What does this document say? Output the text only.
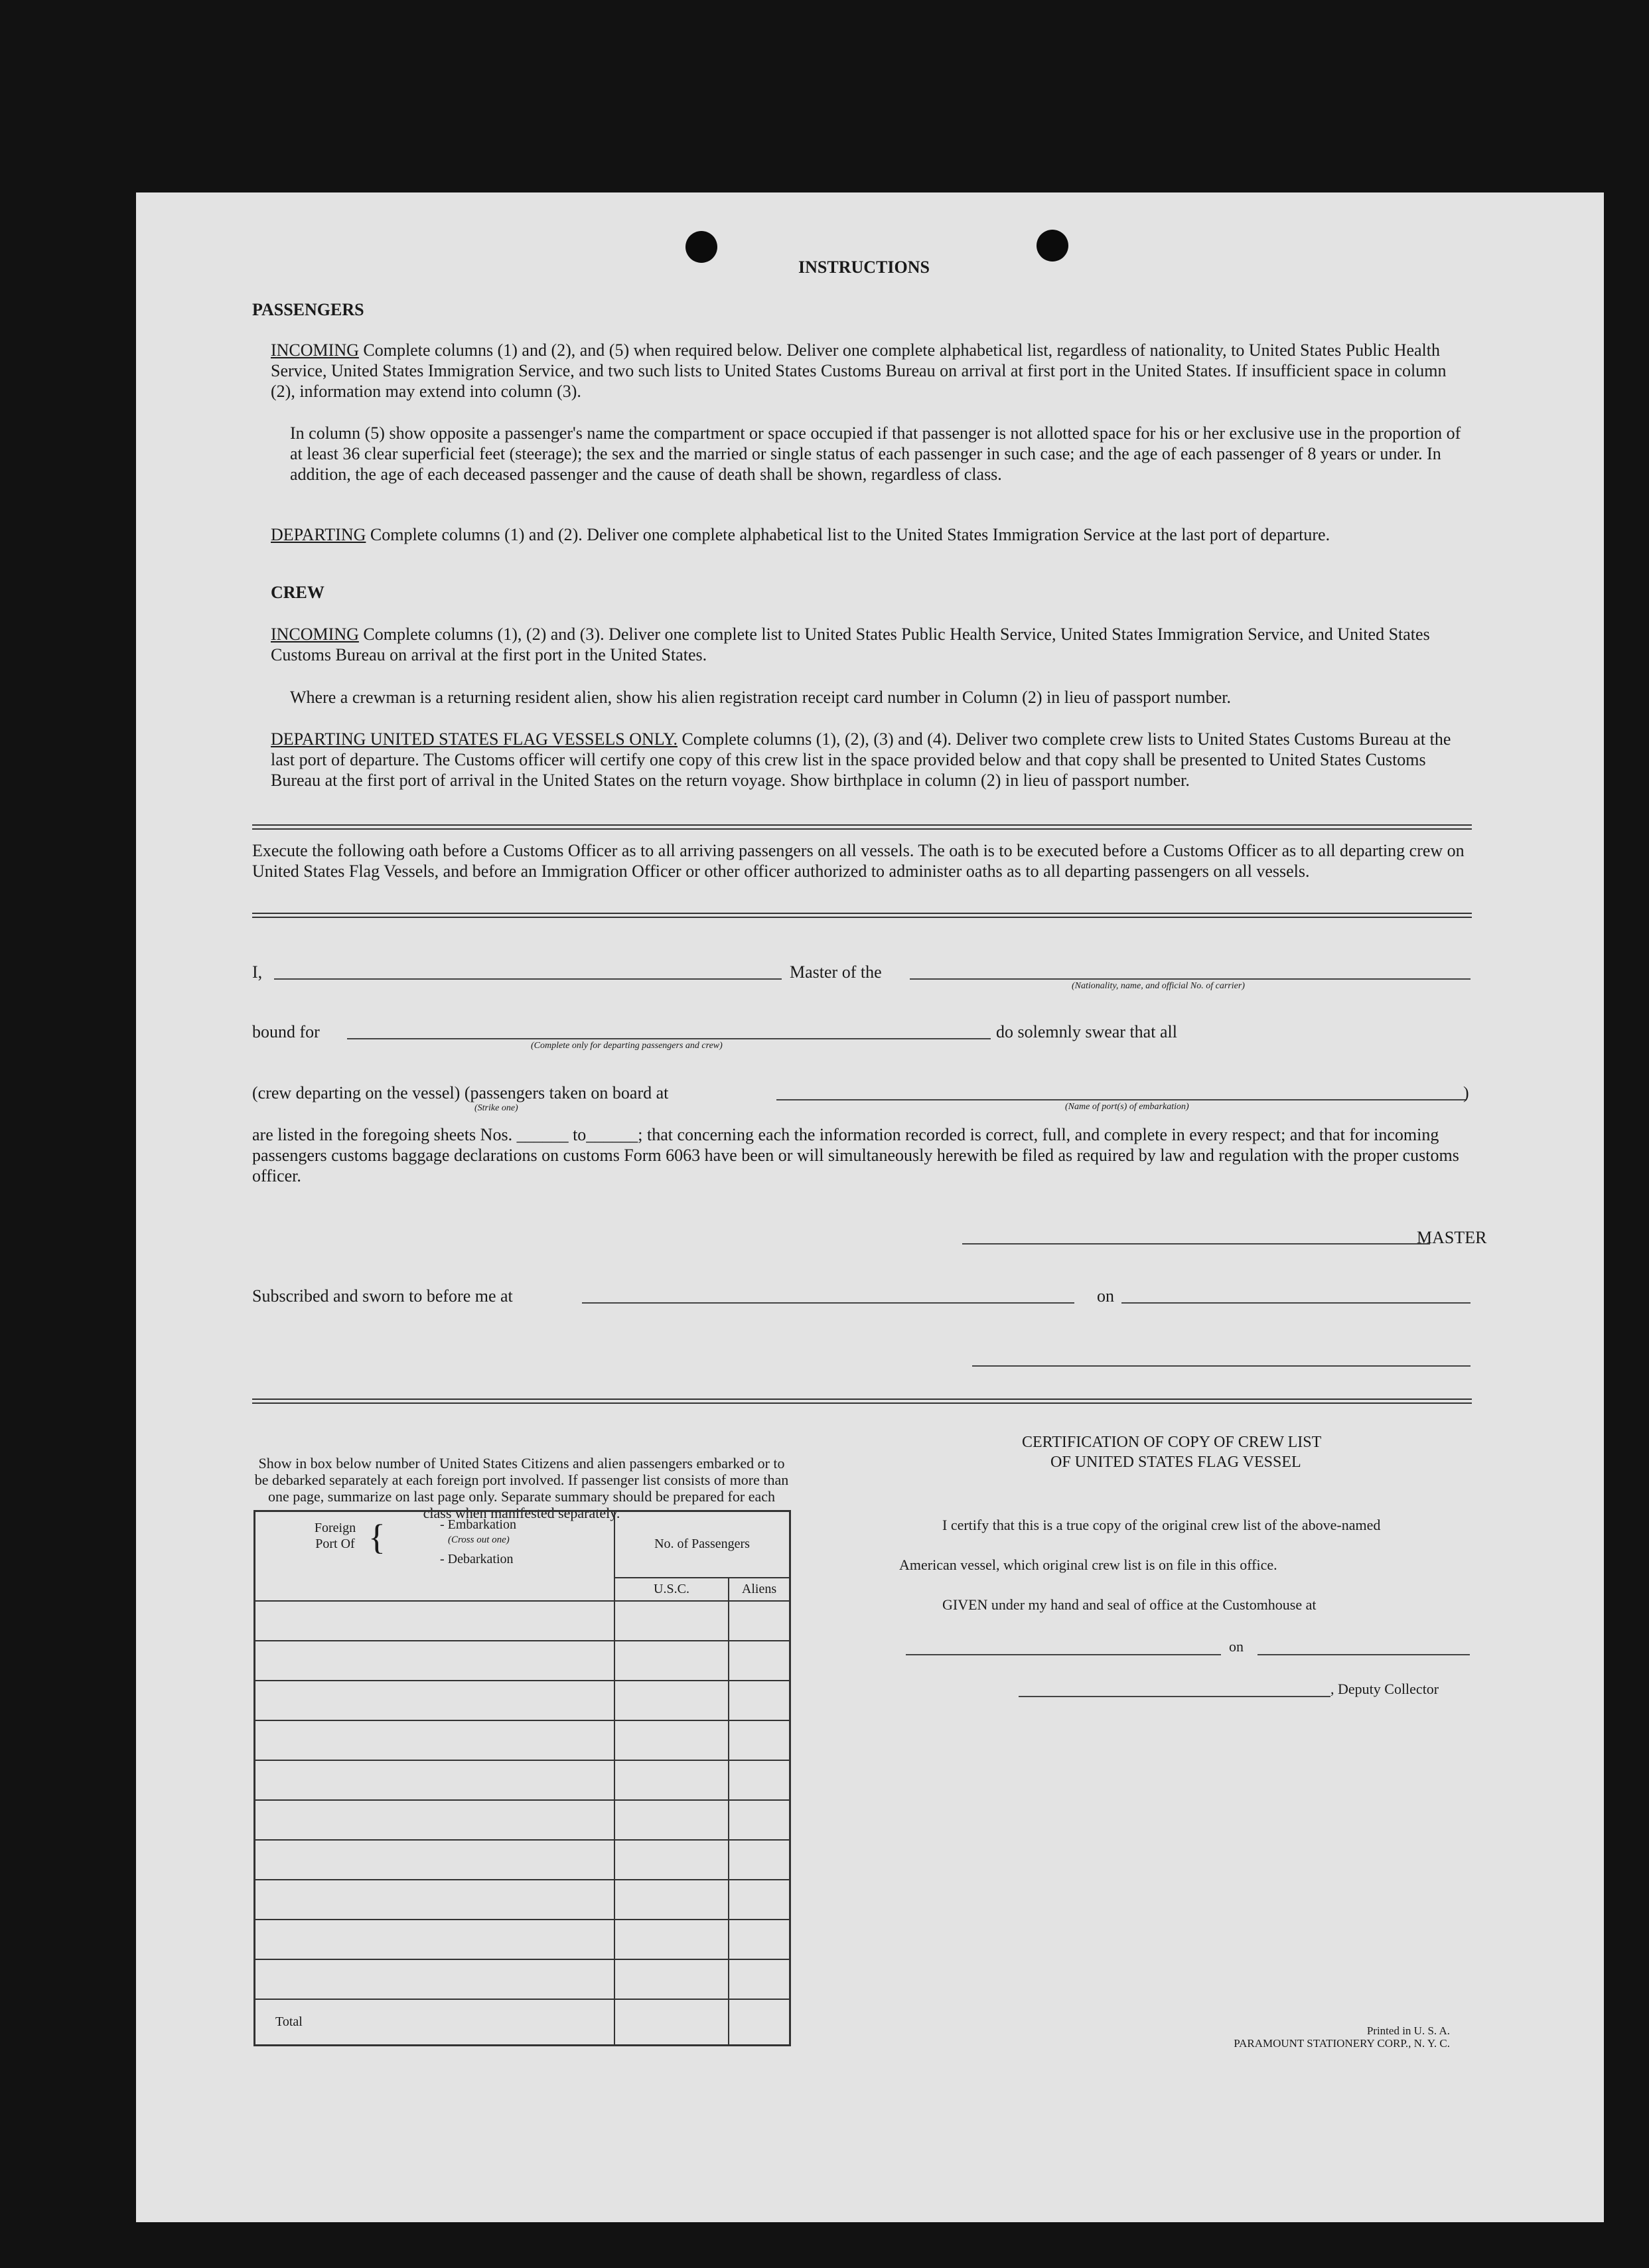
INSTRUCTIONS
PASSENGERS

INCOMING Complete columns (1) and (2), and (5) when required below. Deliver one complete alphabetical list, regardless of nationality, to United States Public Health Service, United States Immigration Service, and two such lists to United States Customs Bureau on arrival at first port in the United States. If insufficient space in column (2), information may extend into column (3).

In column (5) show opposite a passenger's name the compartment or space occupied if that passenger is not allotted space for his or her exclusive use in the proportion of at least 36 clear superficial feet (steerage); the sex and the married or single status of each passenger in such case; and the age of each passenger of 8 years or under. In addition, the age of each deceased passenger and the cause of death shall be shown, regardless of class.

DEPARTING Complete columns (1) and (2). Deliver one complete alphabetical list to the United States Immigration Service at the last port of departure.

CREW

INCOMING Complete columns (1), (2) and (3). Deliver one complete list to United States Public Health Service, United States Immigration Service, and United States Customs Bureau on arrival at the first port in the United States.

Where a crewman is a returning resident alien, show his alien registration receipt card number in Column (2) in lieu of passport number.

DEPARTING UNITED STATES FLAG VESSELS ONLY. Complete columns (1), (2), (3) and (4). Deliver two complete crew lists to United States Customs Bureau at the last port of departure. The Customs officer will certify one copy of this crew list in the space provided below and that copy shall be presented to United States Customs Bureau at the first port of arrival in the United States on the return voyage. Show birthplace in column (2) in lieu of passport number.

Execute the following oath before a Customs Officer as to all arriving passengers on all vessels. The oath is to be executed before a Customs Officer as to all departing crew on United States Flag Vessels, and before an Immigration Officer or other officer authorized to administer oaths as to all departing passengers on all vessels.

I,	Master of the
(Nationality, name, and official No. of carrier)
bound for
(Complete only for departing passengers and crew)
do solemnly swear that all
(crew departing on the vessel) (passengers taken on board at
(Strike one)	(Name of port(s) of embarkation)
)

are listed in the foregoing sheets Nos. ______ to______; that concerning each the information recorded is correct, full, and complete in every respect; and that for incoming passengers customs baggage declarations on customs Form 6063 have been or will simultaneously herewith be filed as required by law and regulation with the proper customs officer.

MASTER
Subscribed and sworn to before me at	on

Show in box below number of United States Citizens and alien passengers embarked or to be debarked separately at each foreign port involved. If passenger list consists of more than one page, summarize on last page only. Separate summary should be prepared for each class when manifested separately.

Foreign Port Of { - Embarkation
(Cross out one)
- Debarkation	No. of Passengers	
	U.S.C.	Aliens

Total		
CERTIFICATION OF COPY OF CREW LIST
OF UNITED STATES FLAG VESSEL
I certify that this is a true copy of the original crew list of the above-named
American vessel, which original crew list is on file in this office.
GIVEN under my hand and seal of office at the Customhouse at
on
, Deputy Collector
Printed in U. S. A.
PARAMOUNT STATIONERY CORP., N. Y. C.
